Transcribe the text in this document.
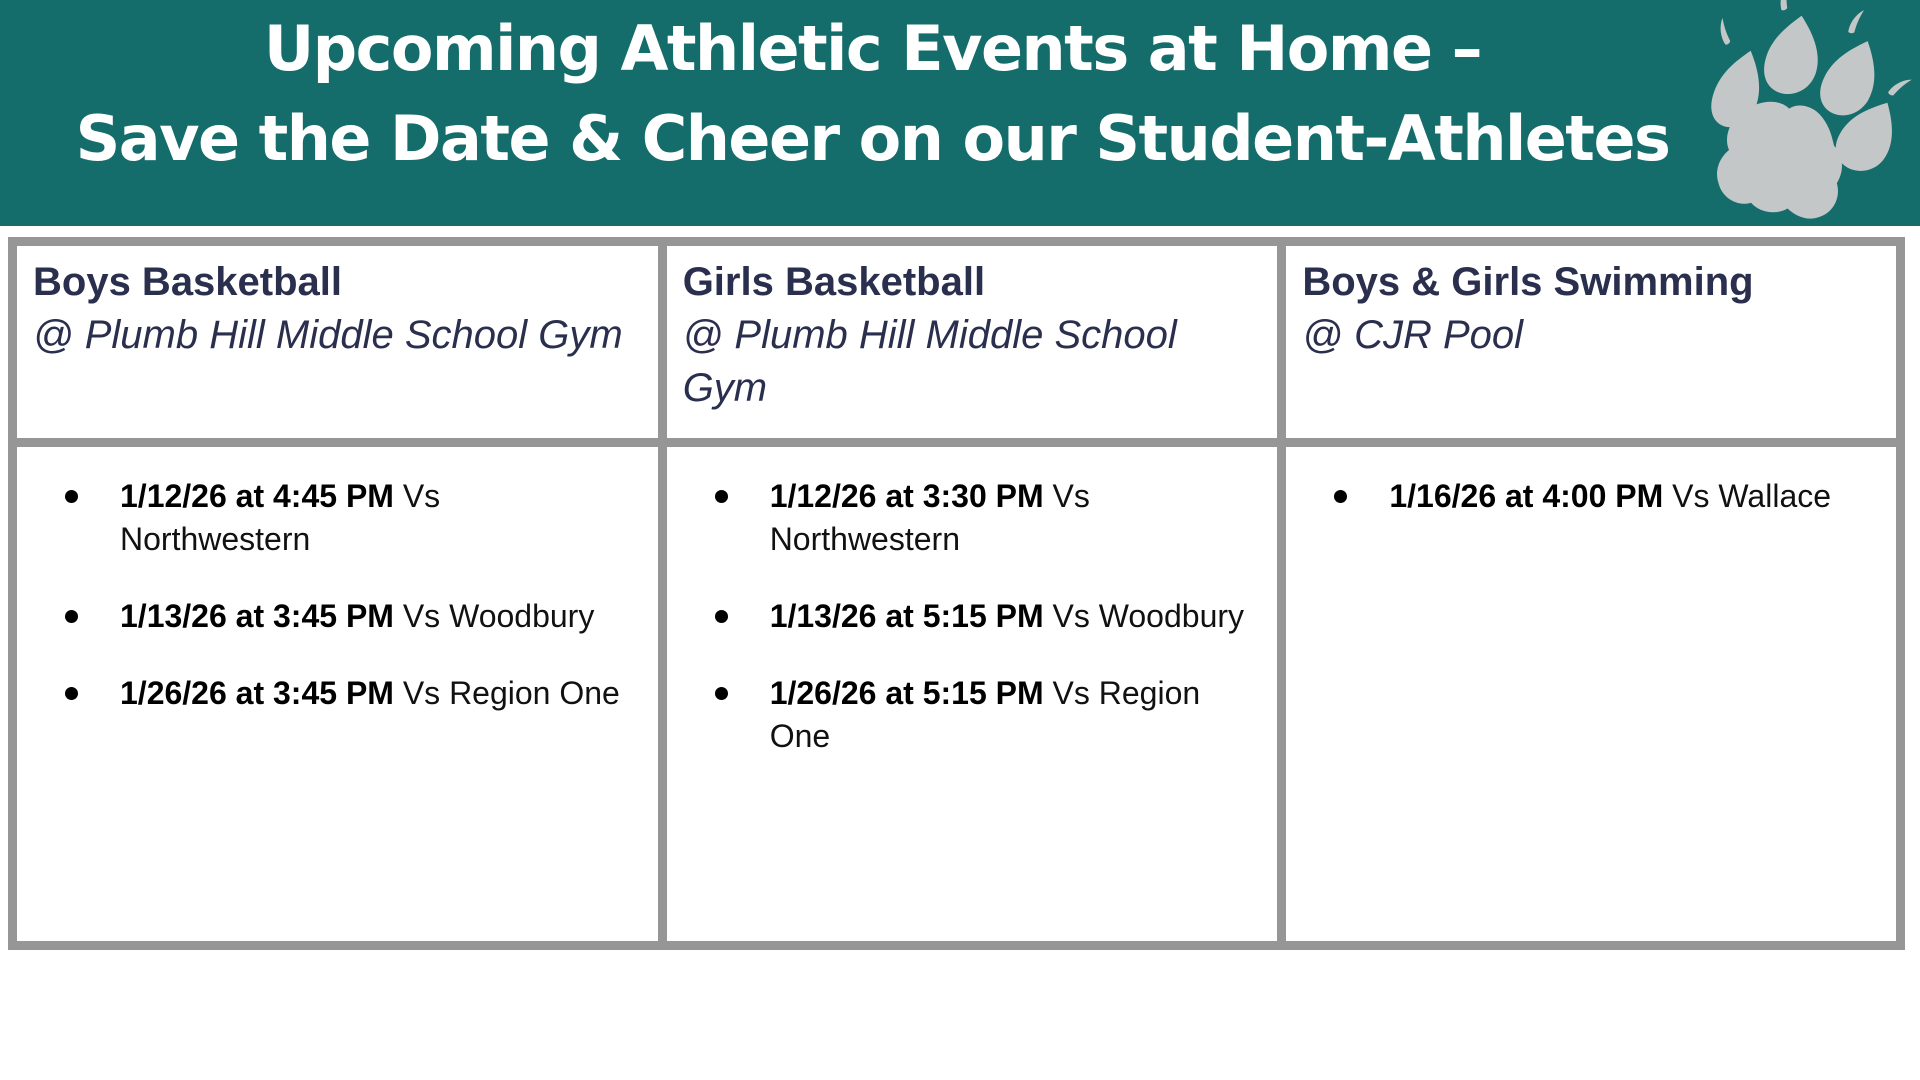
Upcoming Athletic Events at Home –
Save the Date & Cheer on our Student-Athletes
Boys Basketball
@ Plumb Hill Middle School Gym
Girls Basketball
@ Plumb Hill Middle School Gym
Boys & Girls Swimming
@ CJR Pool
1/12/26 at 4:45 PM Vs Northwestern
1/13/26 at 3:45 PM Vs Woodbury
1/26/26 at 3:45 PM Vs Region One
1/12/26 at 3:30 PM Vs Northwestern
1/13/26 at 5:15 PM Vs Woodbury
1/26/26 at 5:15 PM Vs Region One
1/16/26 at 4:00 PM Vs Wallace
